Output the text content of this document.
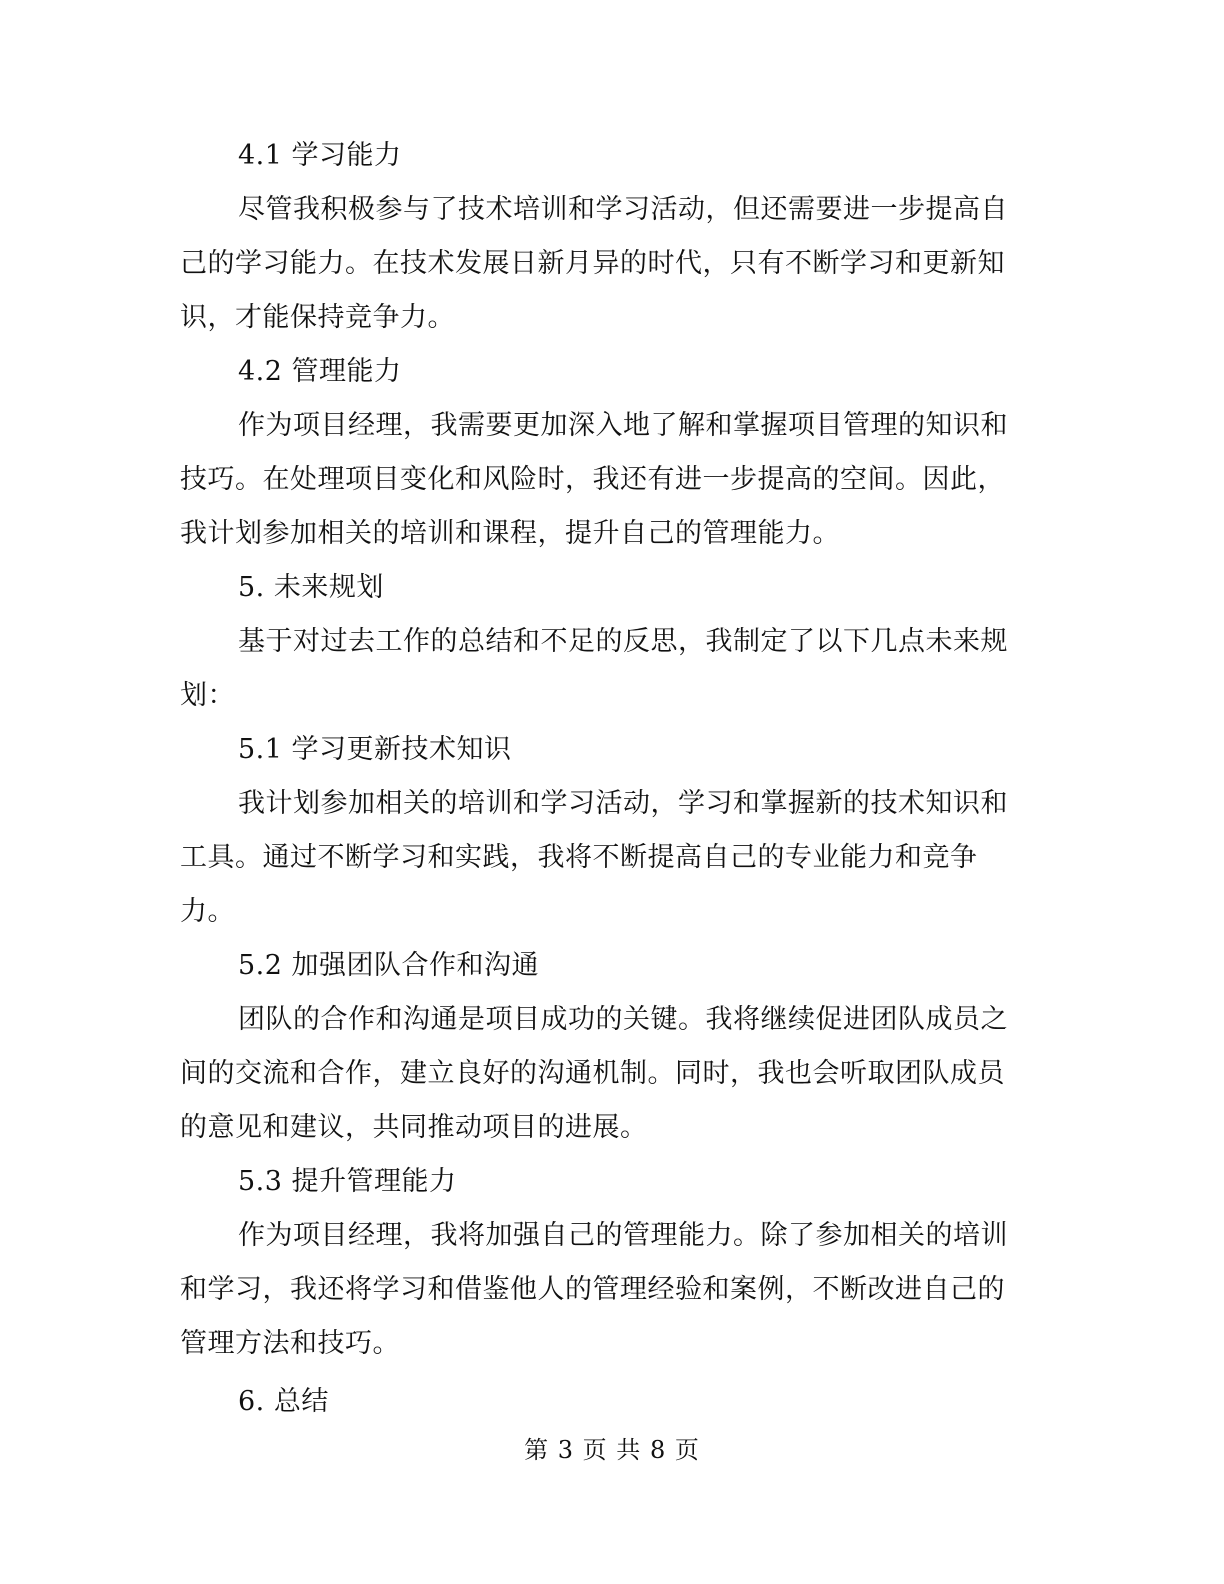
4.1 学习能力

尽管我积极参与了技术培训和学习活动，但还需要进一步提高自己的学习能力。在技术发展日新月异的时代，只有不断学习和更新知识，才能保持竞争力。

4.2 管理能力

作为项目经理，我需要更加深入地了解和掌握项目管理的知识和技巧。在处理项目变化和风险时，我还有进一步提高的空间。因此，我计划参加相关的培训和课程，提升自己的管理能力。

5. 未来规划

基于对过去工作的总结和不足的反思，我制定了以下几点未来规划：

5.1 学习更新技术知识

我计划参加相关的培训和学习活动，学习和掌握新的技术知识和工具。通过不断学习和实践，我将不断提高自己的专业能力和竞争力。

5.2 加强团队合作和沟通

团队的合作和沟通是项目成功的关键。我将继续促进团队成员之间的交流和合作，建立良好的沟通机制。同时，我也会听取团队成员的意见和建议，共同推动项目的进展。

5.3 提升管理能力

作为项目经理，我将加强自己的管理能力。除了参加相关的培训和学习，我还将学习和借鉴他人的管理经验和案例，不断改进自己的管理方法和技巧。

6. 总结

第 3 页 共 8 页
